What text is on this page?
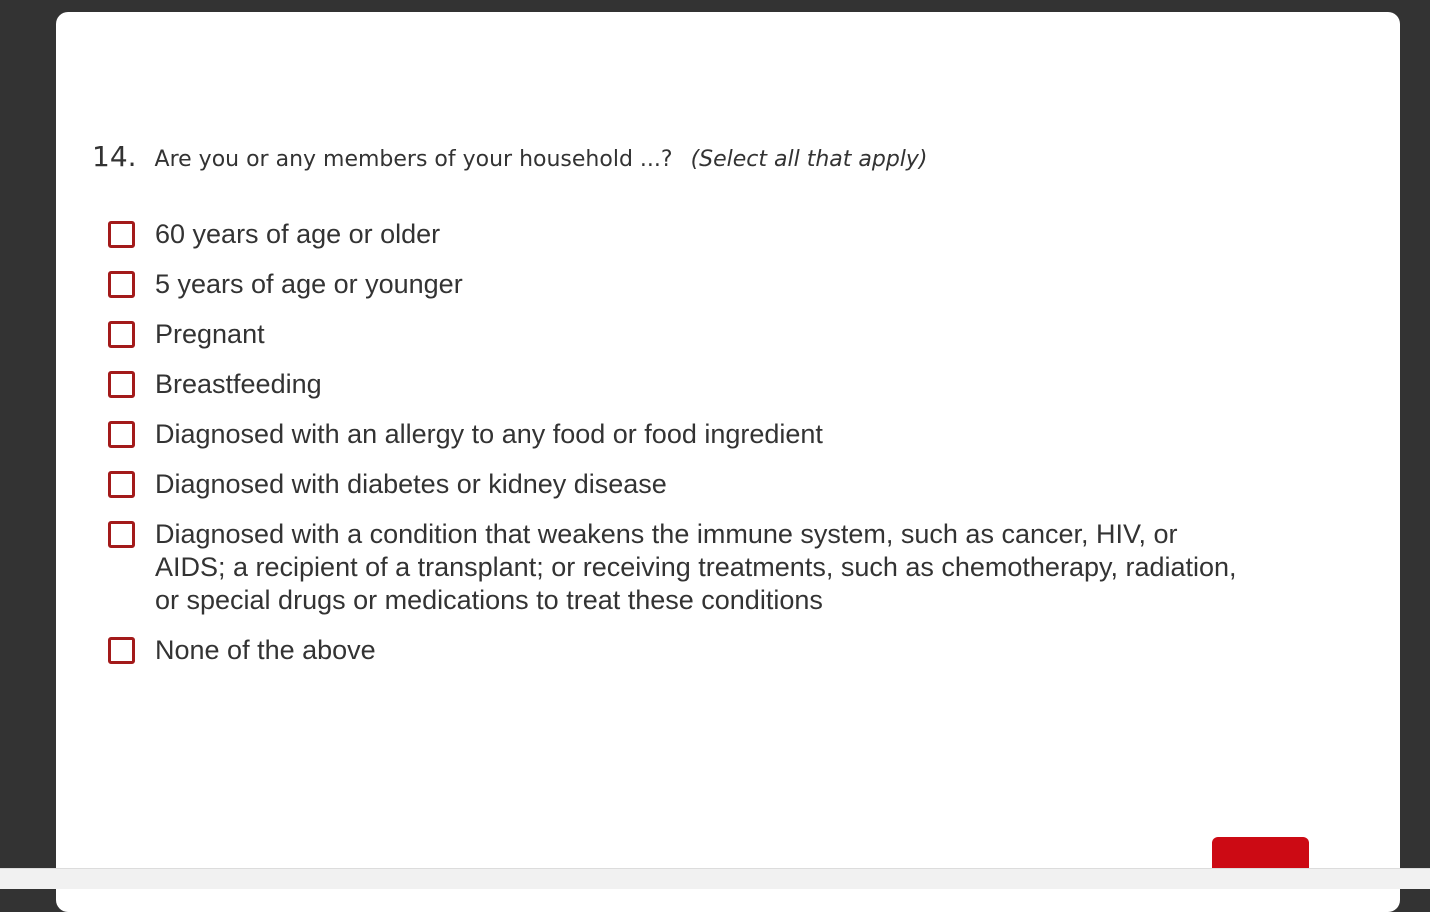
14. Are you or any members of your household ...? (Select all that apply)
60 years of age or older
5 years of age or younger
Pregnant
Breastfeeding
Diagnosed with an allergy to any food or food ingredient
Diagnosed with diabetes or kidney disease
Diagnosed with a condition that weakens the immune system, such as cancer, HIV, or AIDS; a recipient of a transplant; or receiving treatments, such as chemotherapy, radiation, or special drugs or medications to treat these conditions
None of the above
